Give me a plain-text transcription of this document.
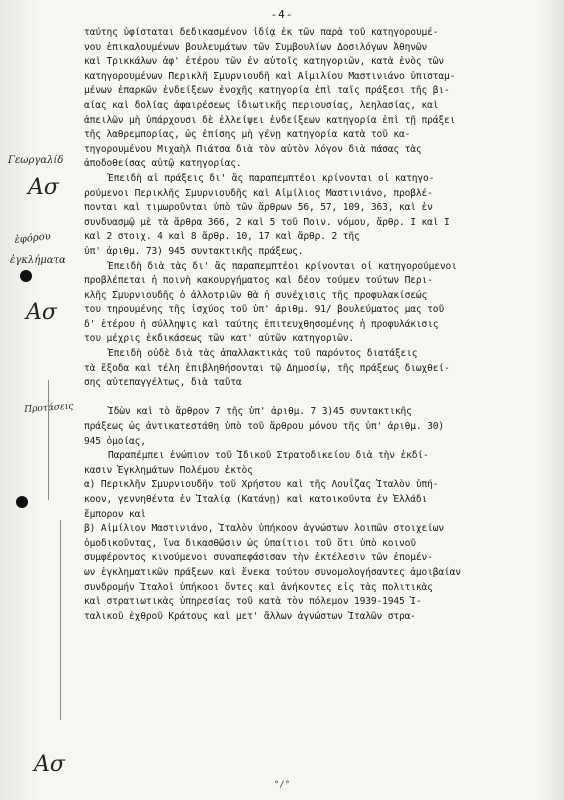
-4-
Γεωργαλίδ
Ασ
ἐφόρου
ἐγκλήματα
Ασ
Προτάσεις
Ασ
ταύτης ὑφίσταται δεδικασμένον ἰδίᾳ ἐκ τῶν παρὰ τοῦ κατηγορουμέ-
νου ἐπικαλουμένων βουλευμάτων τῶν Συμβουλίων Δοσιλόγων Ἀθηνῶν
καὶ Τρικκάλων ἀφ' ἑτέρου τῶν ἐν αὐτοῖς κατηγοριῶν, κατὰ ἑνὸς τῶν
κατηγορουμένων Περικλῆ Σμυρνιουδῆ καὶ Αἰμιλίου Μαστινιάνο ὑπισταμ-
μένων ἐπαρκῶν ἐνδείξεων ἐνοχῆς κατηγορία ἐπὶ ταῖς πράξεσι τῆς βι-
αίας καὶ δολίας ἀφαιρέσεως ἰδιωτικῆς περιουσίας, λεηλασίας, καὶ
ἀπειλῶν μὴ ὑπάρχουσι δὲ ἐλλείψει ἐνδείξεων κατηγορία ἐπὶ τῇ πράξει
τῆς λαθρεμπορίας, ὡς ἐπίσης μὴ γένῃ κατηγορία κατὰ τοῦ κα-
τηγορουμένου Μιχαὴλ Πιάτσα διὰ τὸν αὐτὸν λόγον διὰ πάσας τὰς
ἀποδοθείσας αὐτῷ κατηγορίας.
Ἐπειδὴ αἱ πράξεις δι' ἃς παραπεμπτέοι κρίνονται οἱ κατηγο-
ρούμενοι Περικλῆς Σμυρνιουδῆς καὶ Αἰμίλιος Μαστινιάνο, προβλέ-
πονται καὶ τιμωροῦνται ὑπὸ τῶν ἄρθρων 56, 57, 109, 363, καὶ ἐν
συνδυασμῷ μὲ τὰ ἄρθρα 366, 2 καὶ 5 τοῦ Ποιν. νόμου, ἄρθρ. I καὶ I
καὶ 2 στοιχ. 4 καὶ 8 ἄρθρ. 10, 17 καὶ ἄρθρ. 2 τῆς
ὑπ' ἀριθμ. 73) 945 συντακτικῆς πράξεως.
Ἐπειδὴ διὰ τὰς δι' ἃς παραπεμπτέοι κρίνονται οἱ κατηγορούμενοι
προβλέπεται ἡ ποινὴ κακουργήματος καὶ δέον τούμεν τούτων Περι-
κλῆς Σμυρνιουδῆς ὁ ἀλλοτριῶν θὰ ἡ συνέχισις τῆς προφυλακίσεώς
του τηρουμένης τῆς ἰσχύος τοῦ ὑπ' ἀριθμ. 91/ βουλεύματος μας τοῦ
δ' ἑτέρου ἡ σύλληψις καὶ ταύτης ἐπιτευχθησομένης ἡ προφυλάκισις
του μέχρις ἐκδικάσεως τῶν κατ' αὐτῶν κατηγοριῶν.
Ἐπειδὴ οὐδὲ διὰ τὰς ἀπαλλακτικὰς τοῦ παρόντος διατάξεις
τὰ ἔξοδα καὶ τέλη ἐπιβληθήσονται τῷ Δημοσίῳ, τῆς πράξεως διωχθεί-
σης αὐτεπαγγέλτως, διὰ ταῦτα
Ἰδὼν καὶ τὸ ἄρθρον 7 τῆς ὑπ' ἀριθμ. 7 3)45 συντακτικῆς
πράξεως ὡς ἀντικατεστάθη ὑπὸ τοῦ ἄρθρου μόνου τῆς ὑπ' ἀριθμ. 30)
945 ὁμοίας,
Παραπέμπει ἐνώπιον τοῦ Ἰδικοῦ Στρατοδικείου διὰ τὴν ἐκδί-
κασιν Ἐγκλημάτων Πολέμου ἐκτὸς
α) Περικλῆν Σμυρνιουδῆν τοῦ Χρήστου καὶ τῆς Λουΐζας Ἰταλὸν ὑπή-
κοον, γεννηθέντα ἐν Ἰταλίᾳ (Κατάνῃ) καὶ κατοικοῦντα ἐν Ἑλλάδι
ἔμπορον καὶ
β) Αἰμίλιον Μαστινιάνο, Ἰταλὸν ὑπήκοον ἀγνώστων λοιπῶν στοιχείων
ὁμοδικοῦντας, ἵνα δικασθῶσιν ὡς ὑπαίτιοι τοῦ ὅτι ὑπὸ κοινοῦ
συμφέροντος κινούμενοι συναπεφάσισαν τὴν ἐκτέλεσιν τῶν ἑπομέν-
ων ἐγκληματικῶν πράξεων καὶ ἕνεκα τούτου συνομολογήσαντες ἀμοιβαίαν
συνδρομήν Ἰταλοὶ ὑπήκοοι ὄντες καὶ ἀνήκοντες εἰς τὰς πολιτικὰς
καὶ στρατιωτικὰς ὑπηρεσίας τοῦ κατὰ τὸν πόλεμον 1939-1945 Ἰ-
ταλικοῦ ἐχθροῦ Κράτους καὶ μετ' ἄλλων ἀγνώστων Ἰταλῶν στρα-
°/°
